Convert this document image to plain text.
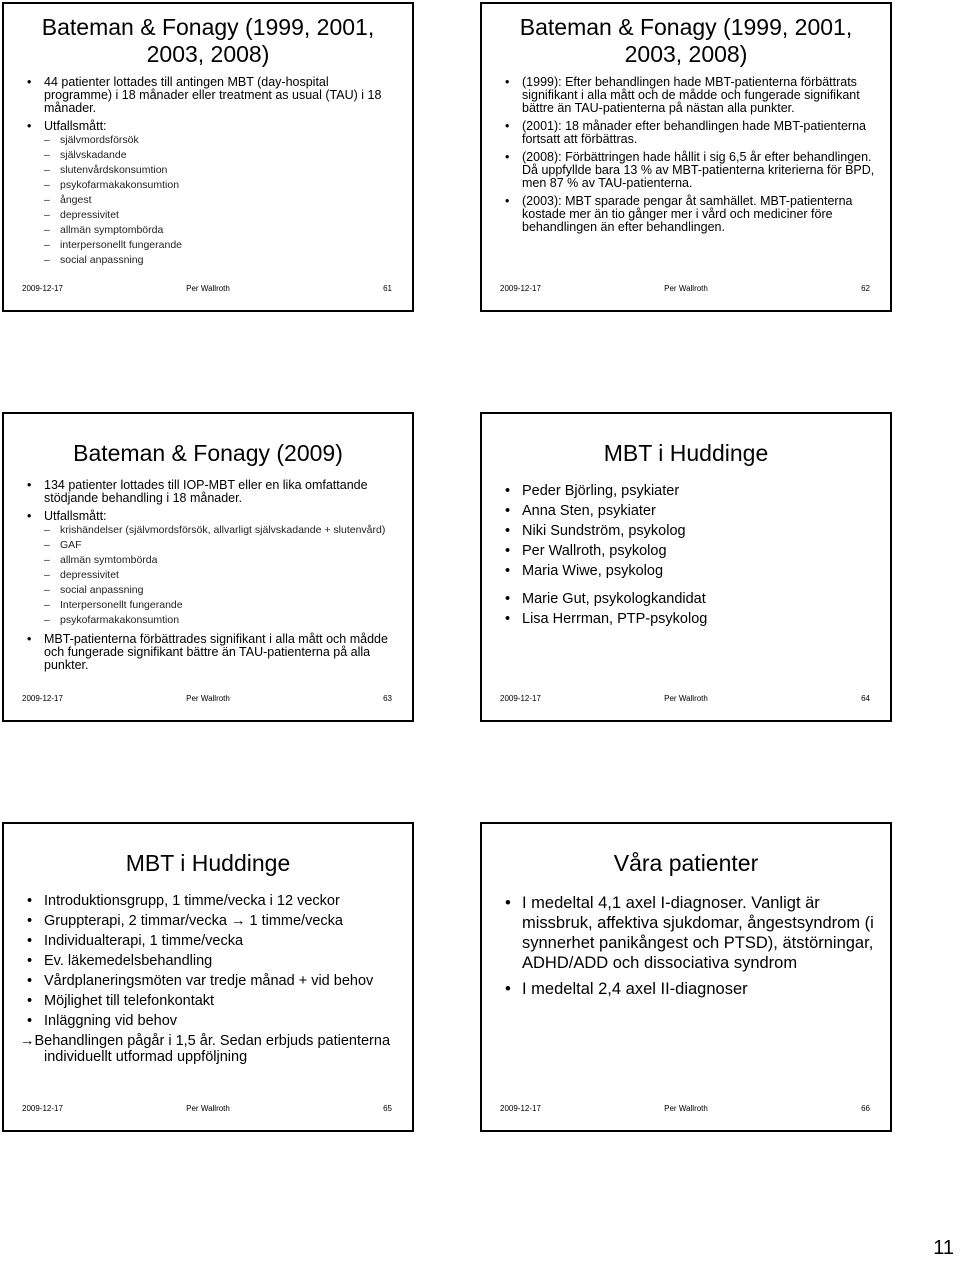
Bateman & Fonagy (1999, 2001, 2003, 2008)
• 44 patienter lottades till antingen MBT (day-hospital programme) i 18 månader eller treatment as usual (TAU) i 18 månader.
• Utfallsmått:
– självmordsförsök
– självskadande
– slutenvårdskonsumtion
– psykofarmakakonsumtion
– ångest
– depressivitet
– allmän symptombörda
– interpersonellt fungerande
– social anpassning
2009-12-17	Per Wallroth	61
Bateman & Fonagy (1999, 2001, 2003, 2008)
• (1999): Efter behandlingen hade MBT-patienterna förbättrats signifikant i alla mått och de mådde och fungerade signifikant bättre än TAU-patienterna på nästan alla punkter.
• (2001): 18 månader efter behandlingen hade MBT-patienterna fortsatt att förbättras.
• (2008): Förbättringen hade hållit i sig 6,5 år efter behandlingen. Då uppfyllde bara 13 % av MBT-patienterna kriterierna för BPD, men 87 % av TAU-patienterna.
• (2003): MBT sparade pengar åt samhället. MBT-patienterna kostade mer än tio gånger mer i vård och mediciner före behandlingen än efter behandlingen.
2009-12-17	Per Wallroth	62
Bateman & Fonagy (2009)
• 134 patienter lottades till IOP-MBT eller en lika omfattande stödjande behandling i 18 månader.
• Utfallsmått:
– krishändelser (självmordsförsök, allvarligt självskadande + slutenvård)
– GAF
– allmän symtombörda
– depressivitet
– social anpassning
– Interpersonellt fungerande
– psykofarmakakonsumtion
• MBT-patienterna förbättrades signifikant i alla mått och mådde och fungerade signifikant bättre än TAU-patienterna på alla punkter.
2009-12-17	Per Wallroth	63
MBT i Huddinge
• Peder Björling, psykiater
• Anna Sten, psykiater
• Niki Sundström, psykolog
• Per Wallroth, psykolog
• Maria Wiwe, psykolog
• Marie Gut, psykologkandidat
• Lisa Herrman, PTP-psykolog
2009-12-17	Per Wallroth	64
MBT i Huddinge
• Introduktionsgrupp, 1 timme/vecka i 12 veckor
• Gruppterapi, 2 timmar/vecka → 1 timme/vecka
• Individualterapi, 1 timme/vecka
• Ev. läkemedelsbehandling
• Vårdplaneringsmöten var tredje månad + vid behov
• Möjlighet till telefonkontakt
• Inläggning vid behov
→Behandlingen pågår i 1,5 år. Sedan erbjuds patienterna individuellt utformad uppföljning
2009-12-17	Per Wallroth	65
Våra patienter
• I medeltal 4,1 axel I-diagnoser. Vanligt är missbruk, affektiva sjukdomar, ångestsyndrom (i synnerhet panikångest och PTSD), ätstörningar, ADHD/ADD och dissociativa syndrom
• I medeltal 2,4 axel II-diagnoser
2009-12-17	Per Wallroth	66
11
